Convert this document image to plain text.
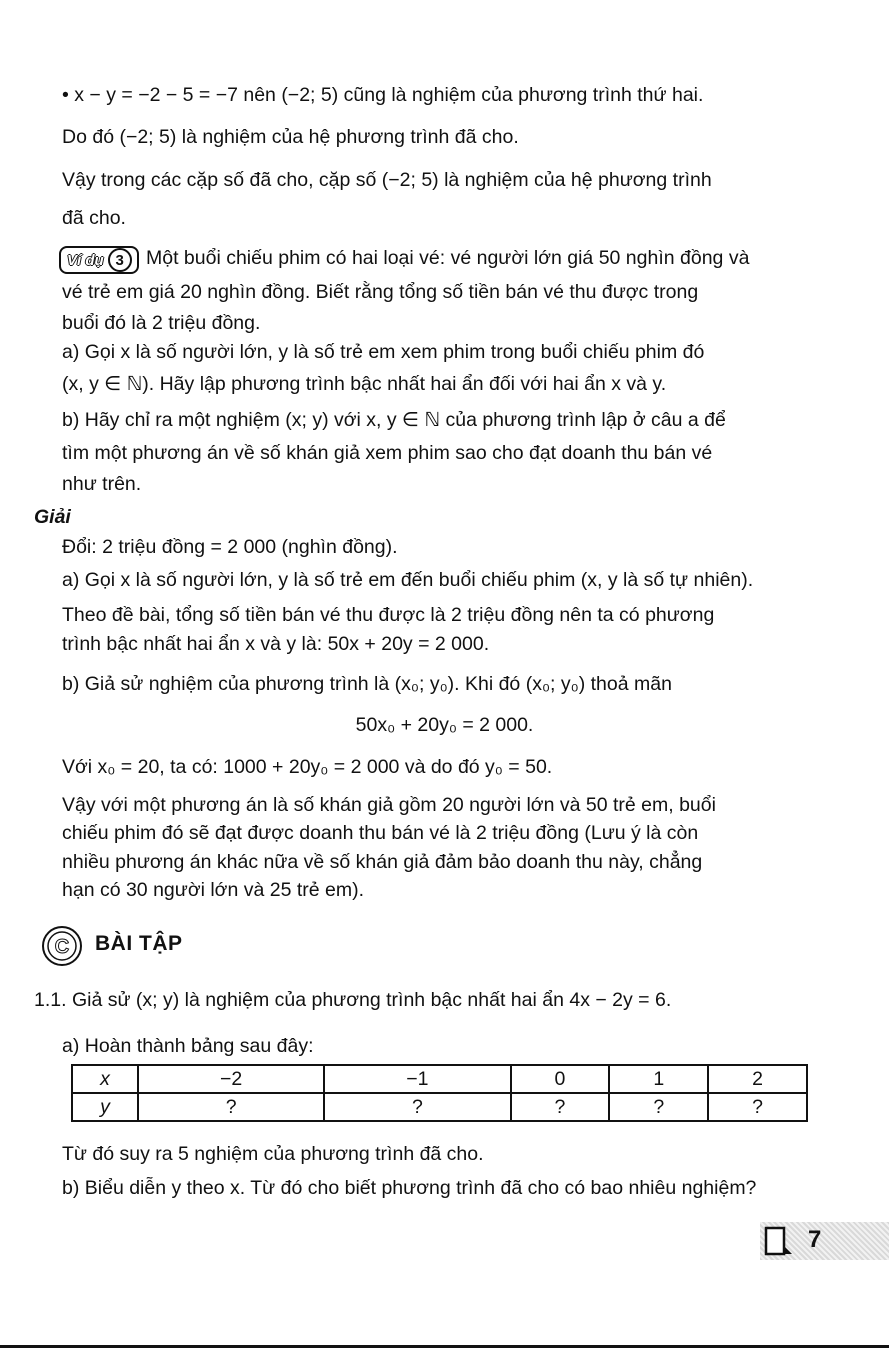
• x − y = −2 − 5 = −7 nên (−2; 5) cũng là nghiệm của phương trình thứ hai.
Do đó (−2; 5) là nghiệm của hệ phương trình đã cho.
Vậy trong các cặp số đã cho, cặp số (−2; 5) là nghiệm của hệ phương trình
đã cho.
Ví dụ 3	Một buổi chiếu phim có hai loại vé: vé người lớn giá 50 nghìn đồng và
vé trẻ em giá 20 nghìn đồng. Biết rằng tổng số tiền bán vé thu được trong
buổi đó là 2 triệu đồng.
a) Gọi x là số người lớn, y là số trẻ em xem phim trong buổi chiếu phim đó
(x, y ∈ ℕ). Hãy lập phương trình bậc nhất hai ẩn đối với hai ẩn x và y.
b) Hãy chỉ ra một nghiệm (x; y) với x, y ∈ ℕ của phương trình lập ở câu a để
tìm một phương án về số khán giả xem phim sao cho đạt doanh thu bán vé
như trên.
Giải
Đổi: 2 triệu đồng = 2 000 (nghìn đồng).
a) Gọi x là số người lớn, y là số trẻ em đến buổi chiếu phim (x, y là số tự nhiên).
Theo đề bài, tổng số tiền bán vé thu được là 2 triệu đồng nên ta có phương
trình bậc nhất hai ẩn x và y là: 50x + 20y = 2 000.
b) Giả sử nghiệm của phương trình là (x₀; y₀). Khi đó (x₀; y₀) thoả mãn
50x₀ + 20y₀ = 2 000.
Với x₀ = 20, ta có: 1000 + 20y₀ = 2 000 và do đó y₀ = 50.
Vậy với một phương án là số khán giả gồm 20 người lớn và 50 trẻ em, buổi
chiếu phim đó sẽ đạt được doanh thu bán vé là 2 triệu đồng (Lưu ý là còn
nhiều phương án khác nữa về số khán giả đảm bảo doanh thu này, chẳng
hạn có 30 người lớn và 25 trẻ em).
C BÀI TẬP
1.1. Giả sử (x; y) là nghiệm của phương trình bậc nhất hai ẩn 4x − 2y = 6.
a) Hoàn thành bảng sau đây:
x	−2	−1	0	1	2
y	?	?	?	?	?
Từ đó suy ra 5 nghiệm của phương trình đã cho.
b) Biểu diễn y theo x. Từ đó cho biết phương trình đã cho có bao nhiêu nghiệm?
7
